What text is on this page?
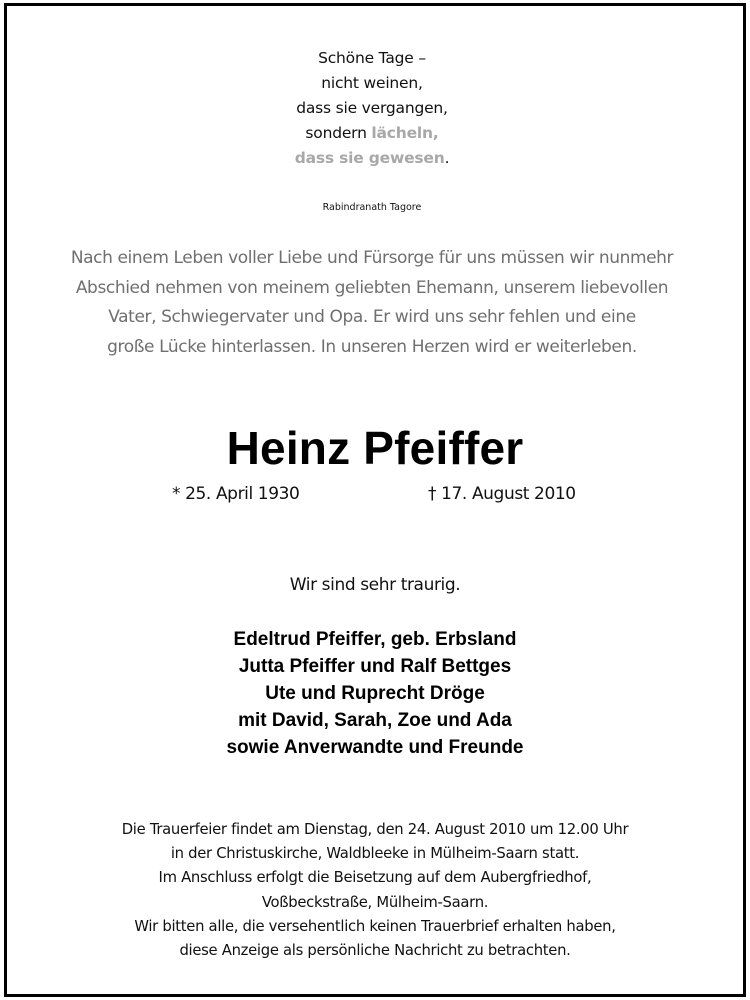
Schöne Tage –
nicht weinen,
dass sie vergangen,
sondern lächeln,
dass sie gewesen.
Rabindranath Tagore
Nach einem Leben voller Liebe und Fürsorge für uns müssen wir nunmehr
Abschied nehmen von meinem geliebten Ehemann, unserem liebevollen
Vater, Schwiegervater und Opa. Er wird uns sehr fehlen und eine
große Lücke hinterlassen. In unseren Herzen wird er weiterleben.
Heinz Pfeiffer
* 25. April 1930	† 17. August 2010
Wir sind sehr traurig.
Edeltrud Pfeiffer, geb. Erbsland
Jutta Pfeiffer und Ralf Bettges
Ute und Ruprecht Dröge
mit David, Sarah, Zoe und Ada
sowie Anverwandte und Freunde
Die Trauerfeier findet am Dienstag, den 24. August 2010 um 12.00 Uhr
in der Christuskirche, Waldbleeke in Mülheim-Saarn statt.
Im Anschluss erfolgt die Beisetzung auf dem Aubergfriedhof,
Voßbeckstraße, Mülheim-Saarn.
Wir bitten alle, die versehentlich keinen Trauerbrief erhalten haben,
diese Anzeige als persönliche Nachricht zu betrachten.
